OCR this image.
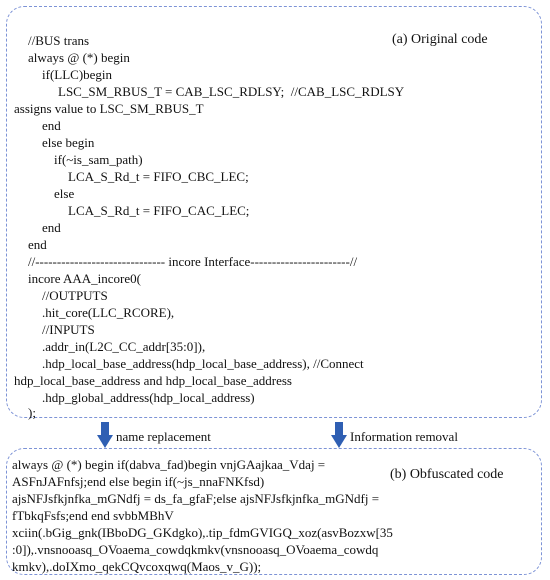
(a) Original code
//BUS trans
always @ (*) begin
if(LLC)begin
LSC_SM_RBUS_T = CAB_LSC_RDLSY;  //CAB_LSC_RDLSY
assigns value to LSC_SM_RBUS_T
end
else begin
if(~is_sam_path)
LCA_S_Rd_t = FIFO_CBC_LEC;
else
LCA_S_Rd_t = FIFO_CAC_LEC;
end
end
//------------------------------ incore Interface-----------------------//
incore AAA_incore0(
//OUTPUTS
.hit_core(LLC_RCORE),
//INPUTS
.addr_in(L2C_CC_addr[35:0]),
.hdp_local_base_address(hdp_local_base_address), //Connect
hdp_local_base_address and hdp_local_base_address
.hdp_global_address(hdp_local_address)
);
name replacement	Information removal
(b) Obfuscated code
always @ (*) begin if(dabva_fad)begin vnjGAajkaa_Vdaj =
ASFnJAFnfsj;end else begin if(~js_nnaFNKfsd)
ajsNFJsfkjnfka_mGNdfj = ds_fa_gfaF;else ajsNFJsfkjnfka_mGNdfj =
fTbkqFsfs;end end svbbMBhV
xciin(.bGig_gnk(IBboDG_GKdgko),.tip_fdmGVIGQ_xoz(asvBozxw[35
:0]),.vnsnooasq_OVoaema_cowdqkmkv(vnsnooasq_OVoaema_cowdq
kmkv),.doIXmo_qekCQvcoxqwq(Maos_v_G));
